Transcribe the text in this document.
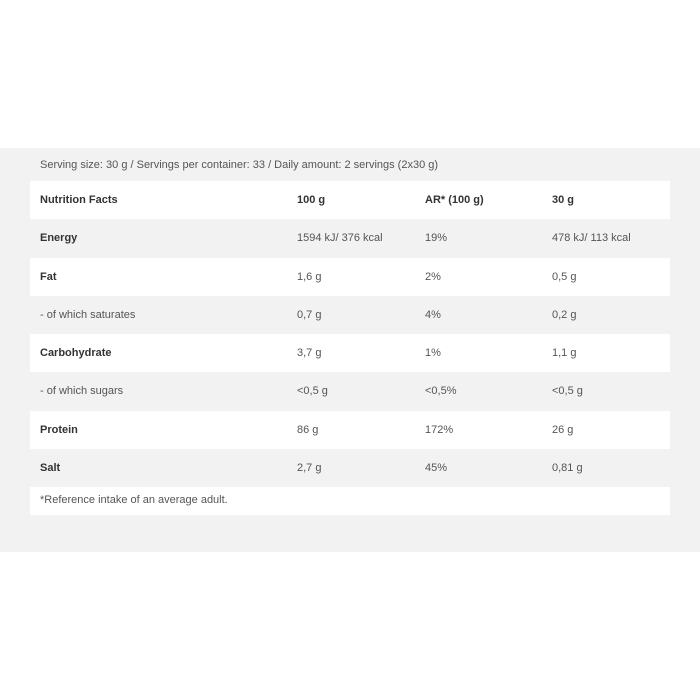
Serving size: 30 g / Servings per container: 33 / Daily amount: 2 servings (2x30 g)
Nutrition Facts	100 g	AR* (100 g)	30 g
Energy	1594 kJ/ 376 kcal	19%	478 kJ/ 113 kcal
Fat	1,6 g	2%	0,5 g
- of which saturates	0,7 g	4%	0,2 g
Carbohydrate	3,7 g	1%	1,1 g
- of which sugars	<0,5 g	<0,5%	<0,5 g
Protein	86 g	172%	26 g
Salt	2,7 g	45%	0,81 g
*Reference intake of an average adult.
